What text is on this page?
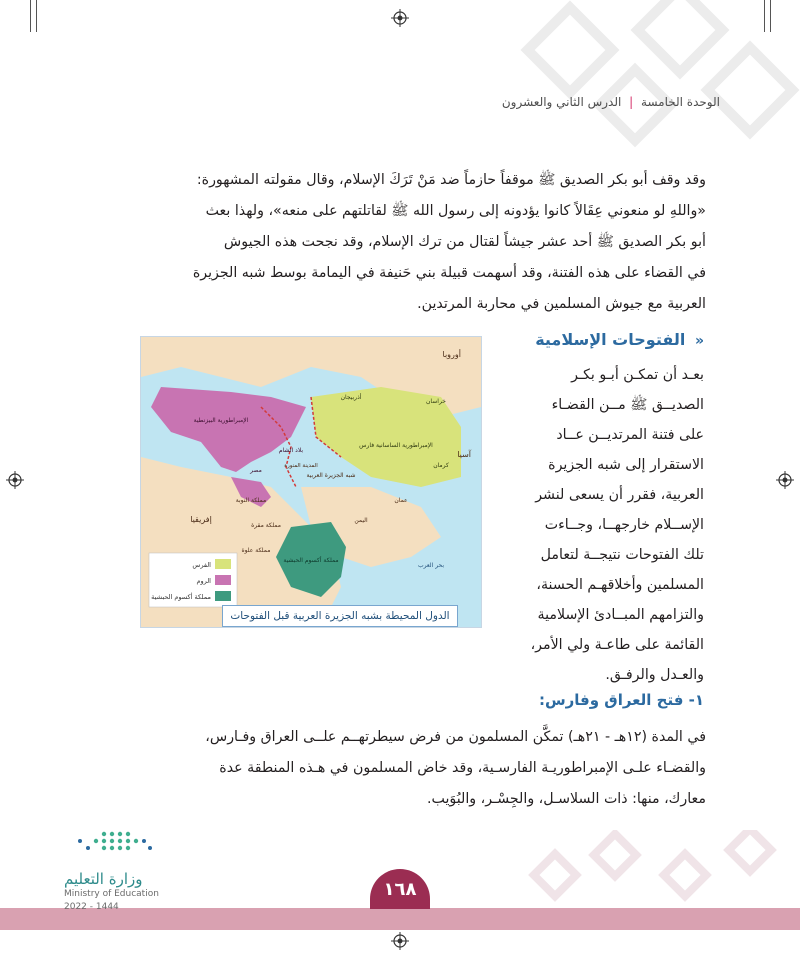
الوحدة الخامسة | الدرس الثاني والعشرون
وقد وقف أبو بكر الصديق ﷺ موقفاً حازماً ضد مَنْ تَرَكَ الإسلام، وقال مقولته المشهورة:
«واللهِ لو منعوني عِقَالاً كانوا يؤدونه إلى رسول الله ﷺ لقاتلتهم على منعه»، ولهذا بعث
أبو بكر الصديق ﷺ أحد عشر جيشاً لقتال من ترك الإسلام، وقد نجحت هذه الجيوش
في القضاء على هذه الفتنة، وقد أسهمت قبيلة بني حَنيفة في اليمامة بوسط شبه الجزيرة
العربية مع جيوش المسلمين في محاربة المرتدين.
« الفتوحات الإسلامية
بعـد أن تمكـن أبـو بكـر
الصديــق ﷺ مــن القضـاء
على فتنة المرتديــن عــاد
الاستقرار إلى شبه الجزيرة
العربية، فقرر أن يسعى لنشر
الإســلام خارجهــا، وجــاءت
تلك الفتوحات نتيجــة لتعامل
المسلمين وأخلاقهـم الحسنة،
والتزامهم المبــادئ الإسلامية
القائمة على طاعـة ولي الأمر،
والعـدل والرفـق.
أوروبا
آسيا
إفريقيا
الإمبراطورية الساسانية فارس
خراسان
أذربيجان
الإمبراطورية البيزنطية
بلاد الشام
مصر
شبه الجزيرة العربية
المدينة المنورة
اليمن
عمان
مملكة النوبة
مملكة مقرة
مملكة علوة
مملكة أكسوم الحبشية
كرمان
بحر العرب
الفرس
الروم
مملكة أكسوم الحبشية
الدول المحيطة بشبه الجزيرة العربية قبل الفتوحات
١- فتح العراق وفارس:
في المدة (١٢هـ - ٢١هـ) تمكَّن المسلمون من فرض سيطرتهــم علــى العراق وفـارس،
والقضـاء علـى الإمبراطوريـة الفارسـية، وقد خاض المسلمون في هـذه المنطقة عدة
معارك، منها: ذات السلاسـل، والجِسْـر، والبُوَيب.
١٦٨
وزارة التعليم
Ministry of Education
2022 - 1444
